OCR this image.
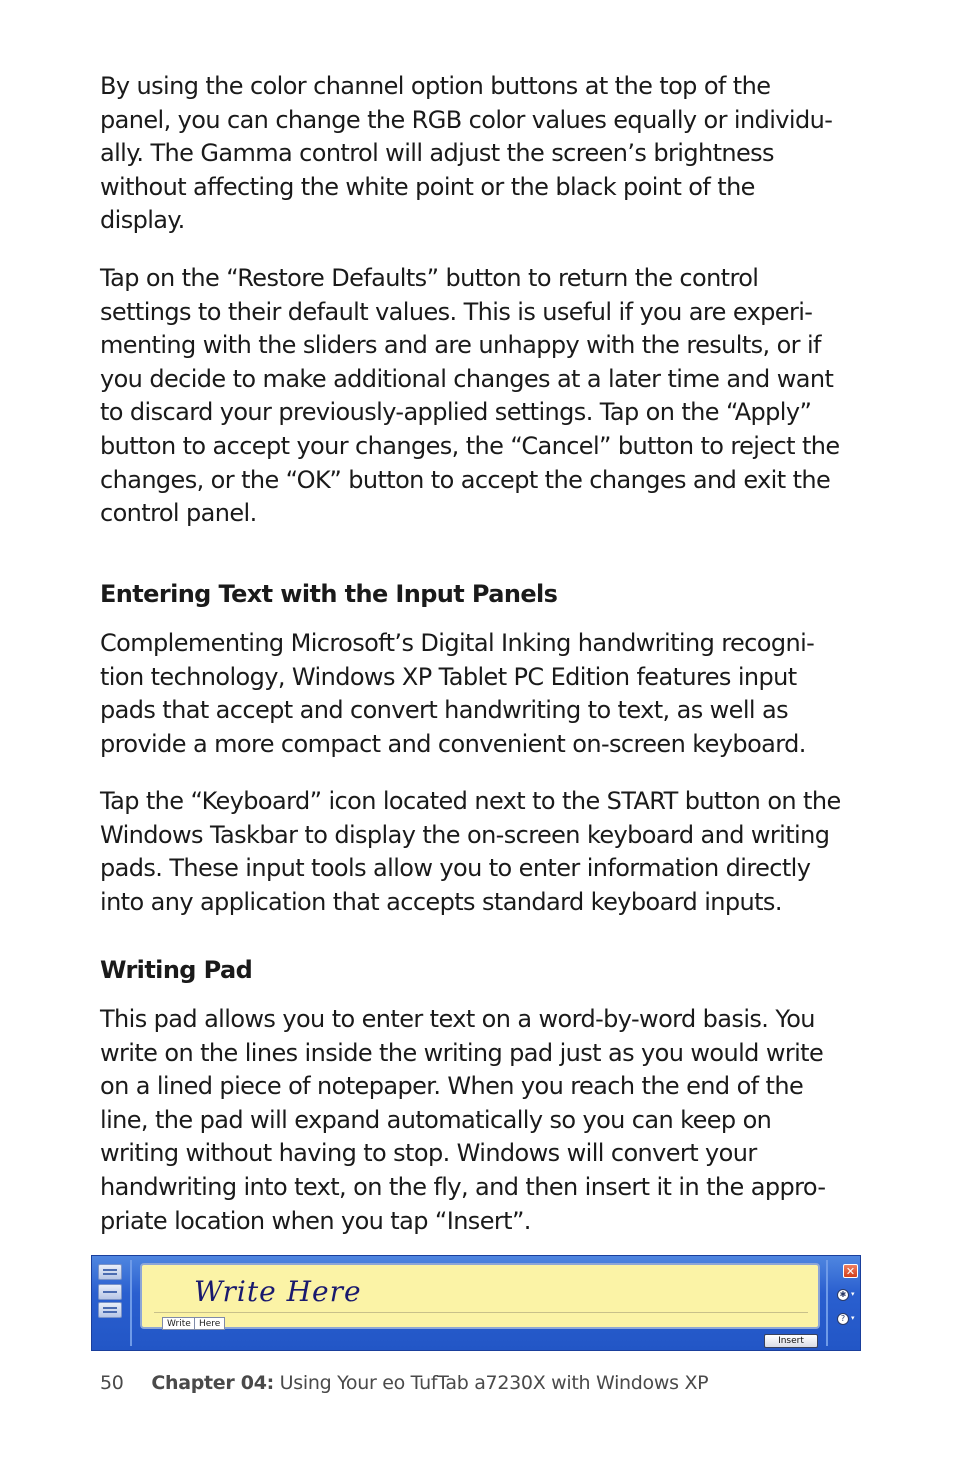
By using the color channel option buttons at the top of the

panel, you can change the RGB color values equally or individu-

ally. The Gamma control will adjust the screen’s brightness

without affecting the white point or the black point of the

display.

Tap on the “Restore Defaults” button to return the control

settings to their default values. This is useful if you are experi-

menting with the sliders and are unhappy with the results, or if

you decide to make additional changes at a later time and want

to discard your previously-applied settings. Tap on the “Apply”

button to accept your changes, the “Cancel” button to reject the

changes, or the “OK” button to accept the changes and exit the

control panel.

Entering Text with the Input Panels

Complementing Microsoft’s Digital Inking handwriting recogni-

tion technology, Windows XP Tablet PC Edition features input

pads that accept and convert handwriting to text, as well as

provide a more compact and convenient on-screen keyboard.

Tap the “Keyboard” icon located next to the START button on the

Windows Taskbar to display the on-screen keyboard and writing

pads. These input tools allow you to enter information directly

into any application that accepts standard keyboard inputs.

Writing Pad

This pad allows you to enter text on a word-by-word basis. You

write on the lines inside the writing pad just as you would write

on a lined piece of notepaper. When you reach the end of the

line, the pad will expand automatically so you can keep on

writing without having to stop. Windows will convert your

handwriting into text, on the fly, and then insert it in the appro-

priate location when you tap “Insert”.

Write Here
Write Here
Insert
✕
✱ ▾
? ▾
50 Chapter 04: Using Your eo TufTab a7230X with Windows XP
